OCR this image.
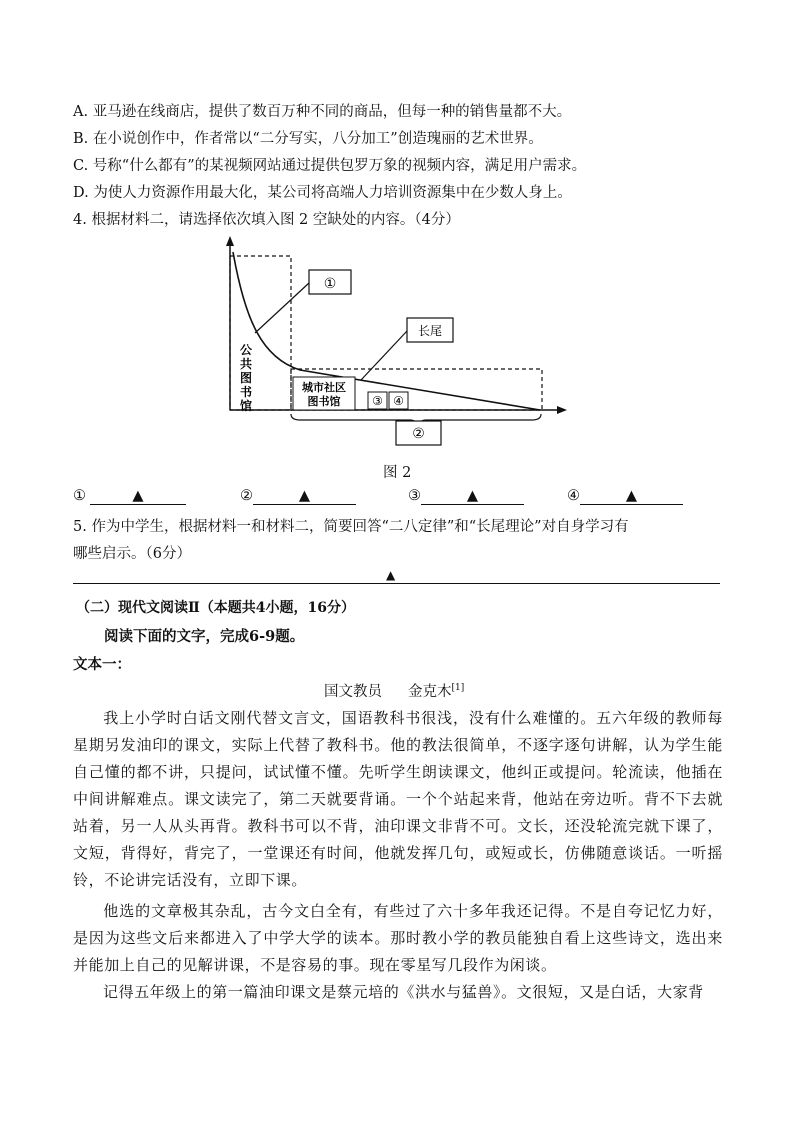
A. 亚马逊在线商店，提供了数百万种不同的商品，但每一种的销售量都不大。
B. 在小说创作中，作者常以“二分写实，八分加工”创造瑰丽的艺术世界。
C. 号称“什么都有”的某视频网站通过提供包罗万象的视频内容，满足用户需求。
D. 为使人力资源作用最大化，某公司将高端人力培训资源集中在少数人身上。
4. 根据材料二，请选择依次填入图 2 空缺处的内容。（4分）
①
长尾
公
共
图
书
馆
城市社区
图书馆	③ ④
②
图 2
①	▲	②	▲	③	▲	④	▲
5. 作为中学生，根据材料一和材料二，简要回答“二八定律”和“长尾理论”对自身学习有
哪些启示。（6分）
▲
（二）现代文阅读Ⅱ（本题共4小题，16分）
阅读下面的文字，完成6-9题。
文本一：
国文教员 金克木[1]
我上小学时白话文刚代替文言文，国语教科书很浅，没有什么难懂的。五六年级的教师每星期另发油印的课文，实际上代替了教科书。他的教法很简单，不逐字逐句讲解，认为学生能自己懂的都不讲，只提问，试试懂不懂。先听学生朗读课文，他纠正或提问。轮流读，他插在中间讲解难点。课文读完了，第二天就要背诵。一个个站起来背，他站在旁边听。背不下去就站着，另一人从头再背。教科书可以不背，油印课文非背不可。文长，还没轮流完就下课了，文短，背得好，背完了，一堂课还有时间，他就发挥几句，或短或长，仿佛随意谈话。一听摇铃，不论讲完话没有，立即下课。
他选的文章极其杂乱，古今文白全有，有些过了六十多年我还记得。不是自夸记忆力好，是因为这些文后来都进入了中学大学的读本。那时教小学的教员能独自看上这些诗文，选出来并能加上自己的见解讲课，不是容易的事。现在零星写几段作为闲谈。
记得五年级上的第一篇油印课文是蔡元培的《洪水与猛兽》。文很短，又是白话，大家背
